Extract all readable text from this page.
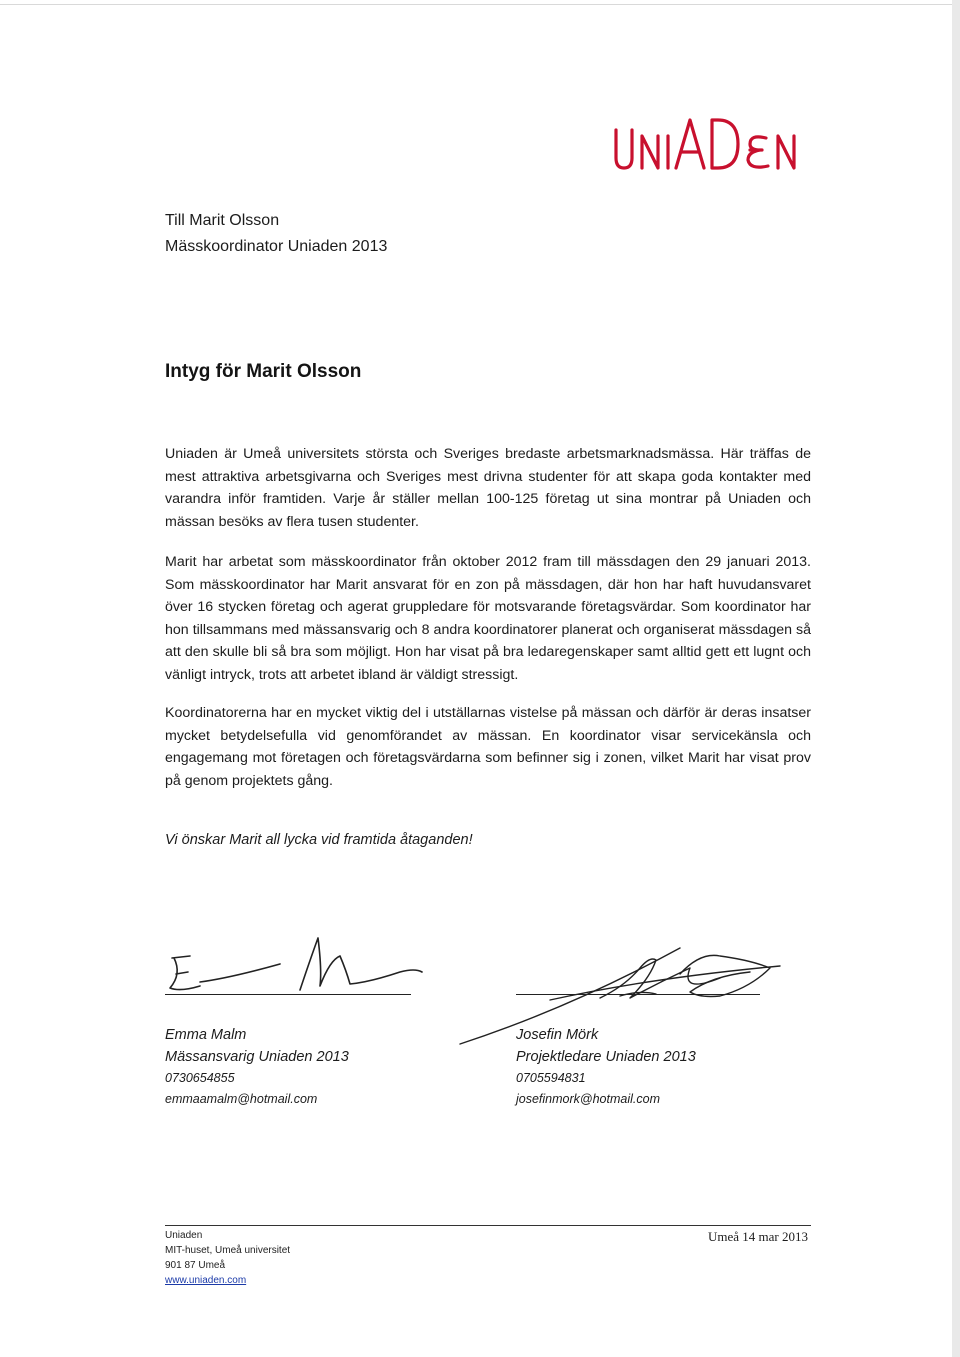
Till Marit Olsson
Mässkoordinator Uniaden 2013
Intyg för Marit Olsson

Uniaden är Umeå universitets största och Sveriges bredaste arbetsmarknadsmässa. Här träffas de mest attraktiva arbetsgivarna och Sveriges mest drivna studenter för att skapa goda kontakter med varandra inför framtiden. Varje år ställer mellan 100-125 företag ut sina montrar på Uniaden och mässan besöks av flera tusen studenter.

Marit har arbetat som mässkoordinator från oktober 2012 fram till mässdagen den 29 januari 2013. Som mässkoordinator har Marit ansvarat för en zon på mässdagen, där hon har haft huvudansvaret över 16 stycken företag och agerat gruppledare för motsvarande företagsvärdar. Som koordinator har hon tillsammans med mässansvarig och 8 andra koordinatorer planerat och organiserat mässdagen så att den skulle bli så bra som möjligt. Hon har visat på bra ledaregenskaper samt alltid gett ett lugnt och vänligt intryck, trots att arbetet ibland är väldigt stressigt.

Koordinatorerna har en mycket viktig del i utställarnas vistelse på mässan och därför är deras insatser mycket betydelsefulla vid genomförandet av mässan. En koordinator visar servicekänsla och engagemang mot företagen och företagsvärdarna som befinner sig i zonen, vilket Marit har visat prov på genom projektets gång.

Vi önskar Marit all lycka vid framtida åtaganden!
Emma Malm
Mässansvarig Uniaden 2013
0730654855
emmaamalm@hotmail.com
Josefin Mörk
Projektledare Uniaden 2013
0705594831
josefinmork@hotmail.com
Uniaden
MIT-huset, Umeå universitet
901 87 Umeå
www.uniaden.com
Umeå 14 mar 2013
